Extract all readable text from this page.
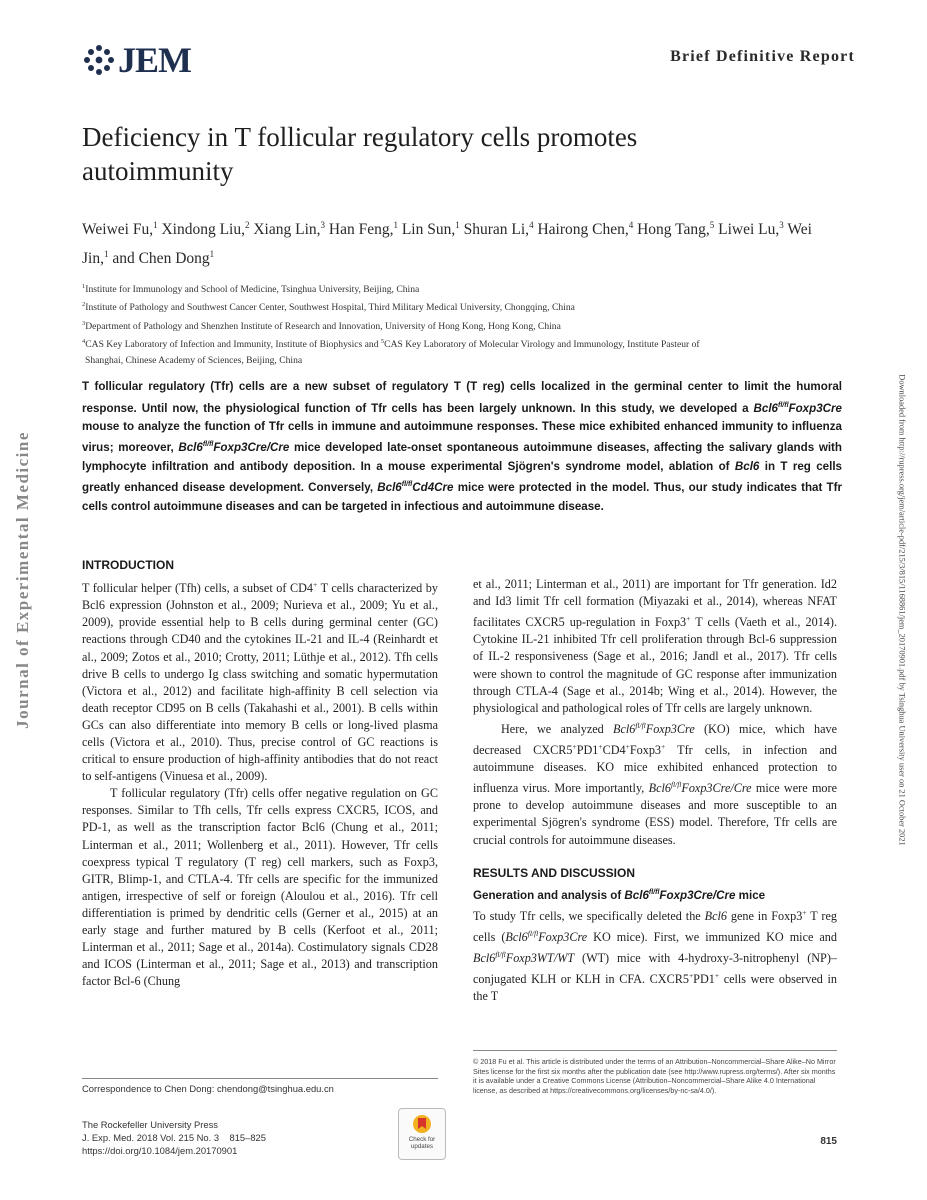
JEM	Brief Definitive Report
Deficiency in T follicular regulatory cells promotes autoimmunity
Weiwei Fu,$^1$ Xindong Liu,$^2$ Xiang Lin,$^3$ Han Feng,$^1$ Lin Sun,$^1$ Shuran Li,$^4$ Hairong Chen,$^4$ Hong Tang,$^5$ Liwei Lu,$^3$ Wei Jin,$^1$ and Chen Dong$^1$
$^1$Institute for Immunology and School of Medicine, Tsinghua University, Beijing, China
$^2$Institute of Pathology and Southwest Cancer Center, Southwest Hospital, Third Military Medical University, Chongqing, China
$^3$Department of Pathology and Shenzhen Institute of Research and Innovation, University of Hong Kong, Hong Kong, China
$^4$CAS Key Laboratory of Infection and Immunity, Institute of Biophysics and $^5$CAS Key Laboratory of Molecular Virology and Immunology, Institute Pasteur of
Shanghai, Chinese Academy of Sciences, Beijing, China
Journal of Experimental Medicine	Downloaded from http://rupress.org/jem/article-pdf/215/3/815/1168861/jem_20170901.pdf by Tsinghua University user on 21 October 2021
T follicular regulatory (Tfr) cells are a new subset of regulatory T (T reg) cells localized in the germinal center to limit the humoral response. Until now, the physiological function of Tfr cells has been largely unknown. In this study, we developed a $Bcl6^{fl/fl}Foxp3Cre$ mouse to analyze the function of Tfr cells in immune and autoimmune responses. These mice exhibited enhanced immunity to influenza virus; moreover, $Bcl6^{fl/fl}Foxp3Cre$/Cre mice developed late-onset spontaneous autoimmune diseases, affecting the salivary glands with lymphocyte infiltration and antibody deposition. In a mouse experimental Sjögren's syndrome model, ablation of Bcl6 in T reg cells greatly enhanced disease development. Conversely, $Bcl6^{fl/fl}Cd4Cre$ mice were protected in the model. Thus, our study indicates that Tfr cells control autoimmune diseases and can be targeted in infectious and autoimmune disease.
INTRODUCTION

T follicular helper (Tfh) cells, a subset of CD4+ T cells characterized by Bcl6 expression (Johnston et al., 2009; Nurieva et al., 2009; Yu et al., 2009), provide essential help to B cells during germinal center (GC) reactions through CD40 and the cytokines IL-21 and IL-4 (Reinhardt et al., 2009; Zotos et al., 2010; Crotty, 2011; Lüthje et al., 2012). Tfh cells drive B cells to undergo Ig class switching and somatic hypermutation (Victora et al., 2012) and facilitate high-affinity B cell selection via death receptor CD95 on B cells (Takahashi et al., 2001). B cells within GCs can also differentiate into memory B cells or long-lived plasma cells (Victora et al., 2010). Thus, precise control of GC reactions is critical to ensure production of high-affinity antibodies that do not react to self-antigens (Vinuesa et al., 2009).

T follicular regulatory (Tfr) cells offer negative regulation on GC responses. Similar to Tfh cells, Tfr cells express CXCR5, ICOS, and PD-1, as well as the transcription factor Bcl6 (Chung et al., 2011; Linterman et al., 2011; Wollenberg et al., 2011). However, Tfr cells coexpress typical T regulatory (T reg) cell markers, such as Foxp3, GITR, Blimp-1, and CTLA-4. Tfr cells are specific for the immunized antigen, irrespective of self or foreign (Aloulou et al., 2016). Tfr cell differentiation is primed by dendritic cells (Gerner et al., 2015) at an early stage and further matured by B cells (Kerfoot et al., 2011; Linterman et al., 2011; Sage et al., 2014a). Costimulatory signals CD28 and ICOS (Linterman et al., 2011; Sage et al., 2013) and transcription factor Bcl-6 (Chung

et al., 2011; Linterman et al., 2011) are important for Tfr generation. Id2 and Id3 limit Tfr cell formation (Miyazaki et al., 2014), whereas NFAT facilitates CXCR5 up-regulation in Foxp3+ T cells (Vaeth et al., 2014). Cytokine IL-21 inhibited Tfr cell proliferation through Bcl-6 suppression of IL-2 responsiveness (Sage et al., 2016; Jandl et al., 2017). Tfr cells were shown to control the magnitude of GC response after immunization through CTLA-4 (Sage et al., 2014b; Wing et al., 2014). However, the physiological and pathological roles of Tfr cells are largely unknown.

Here, we analyzed $Bcl6^{fl/fl}Foxp3Cre$ (KO) mice, which have decreased CXCR5+PD1+CD4+Foxp3+ Tfr cells, in infection and autoimmune diseases. KO mice exhibited enhanced protection to influenza virus. More importantly, $Bcl6^{fl/fl}Foxp3Cre$/Cre mice were more prone to develop autoimmune diseases and more susceptible to an experimental Sjögren's syndrome (ESS) model. Therefore, Tfr cells are crucial controls for autoimmune diseases.

RESULTS AND DISCUSSION
Generation and analysis of $Bcl6^{fl/fl}Foxp3Cre$/Cre mice

To study Tfr cells, we specifically deleted the Bcl6 gene in Foxp3+ T reg cells ($Bcl6^{fl/fl}Foxp3Cre$ KO mice). First, we immunized KO mice and $Bcl6^{fl/fl}Foxp3WT/WT$ (WT) mice with 4-hydroxy-3-nitrophenyl (NP)–conjugated KLH or KLH in CFA. CXCR5+PD1+ cells were observed in the T

© 2018 Fu et al. This article is distributed under the terms of an Attribution–Noncommercial–Share Alike–No Mirror Sites license for the first six months after the publication date (see http://www.rupress.org/terms/). After six months it is available under a Creative Commons License (Attribution–Noncommercial–Share Alike 4.0 International license, as described at https://creativecommons.org/licenses/by-nc-sa/4.0/).
Correspondence to Chen Dong: chendong@tsinghua.edu.cn
The Rockefeller University Press
J. Exp. Med. 2018 Vol. 215 No. 3    815–825
https://doi.org/10.1084/jem.20170901
Check for
updates	815
